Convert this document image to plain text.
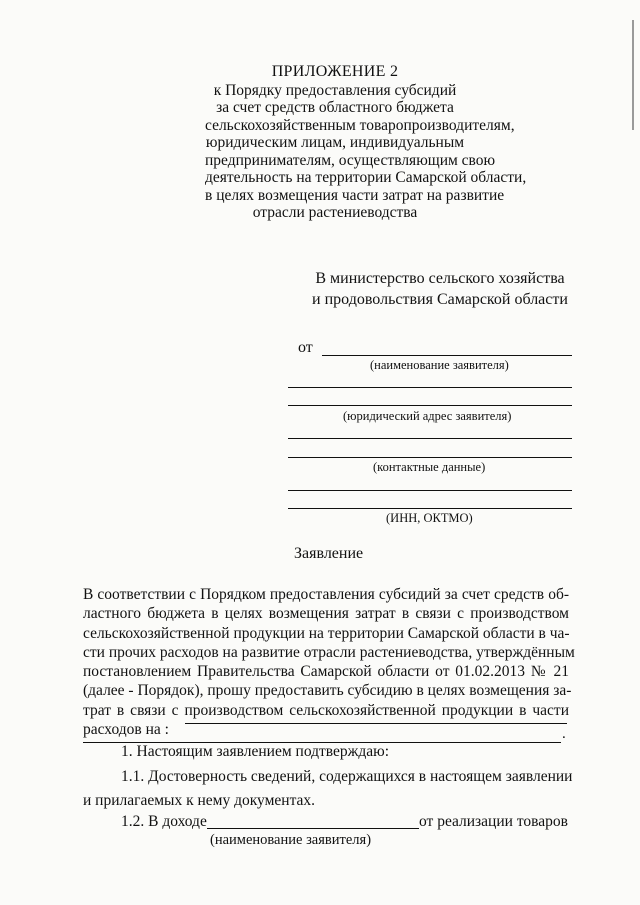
ПРИЛОЖЕНИЕ 2
к Порядку предоставления субсидий
за счет средств областного бюджета
сельскохозяйственным товаропроизводителям,
юридическим лицам, индивидуальным
предпринимателям, осуществляющим свою
деятельность на территории Самарской области,
в целях возмещения части затрат на развитие
отрасли растениеводства
В министерство сельского хозяйства
и продовольствия Самарской области
от
(наименование заявителя)
(юридический адрес заявителя)
(контактные данные)
(ИНН, ОКТМО)
Заявление
В соответствии с Порядком предоставления субсидий за счет средств об-
ластного бюджета в целях возмещения затрат в связи с производством
сельскохозяйственной продукции на территории Самарской области в ча-
сти прочих расходов на развитие отрасли растениеводства, утверждённым
постановлением Правительства Самарской области от 01.02.2013 № 21
(далее - Порядок), прошу предоставить субсидию в целях возмещения за-
трат в связи с производством сельскохозяйственной продукции в части
расходов на :	.
1. Настоящим заявлением подтверждаю:
1.1. Достоверность сведений, содержащихся в настоящем заявлении
и прилагаемых к нему документах.
1.2. В доходе	от реализации товаров
(наименование заявителя)
